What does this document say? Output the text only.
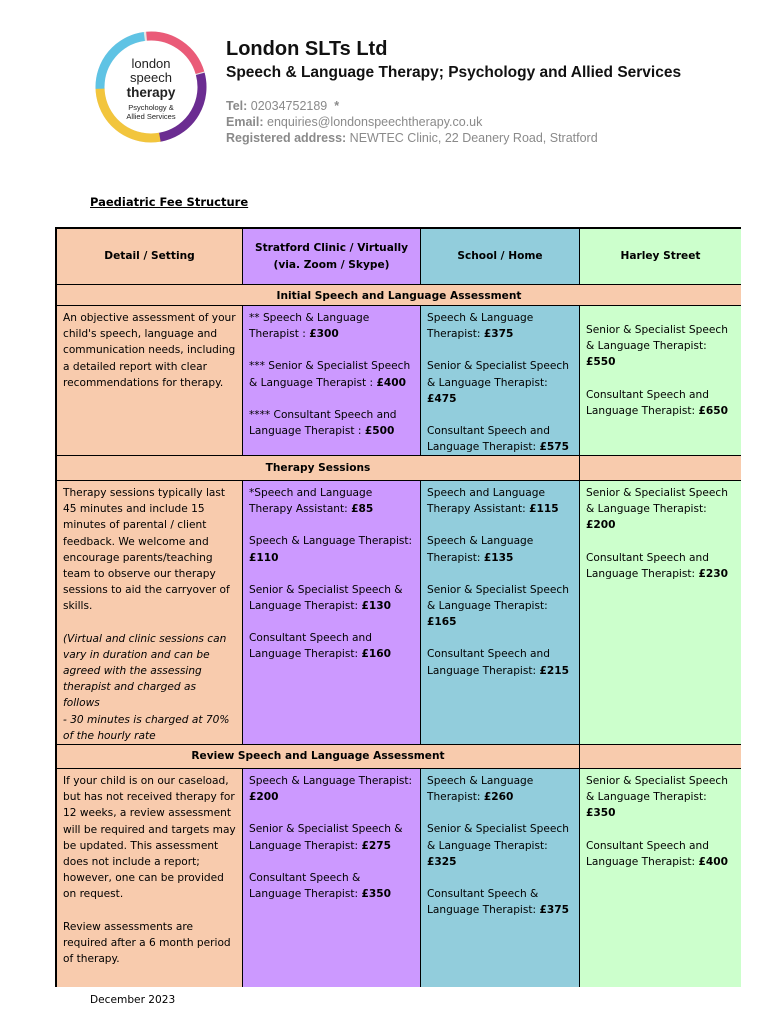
london
speech
therapy
Psychology &
Allied Services
London SLTs Ltd
Speech & Language Therapy; Psychology and Allied Services
Tel: 02034752189 *
Email: enquiries@londonspeechtherapy.co.uk
Registered address: NEWTEC Clinic, 22 Deanery Road, Stratford
Paediatric Fee Structure
Detail / Setting
Stratford Clinic / Virtually (via. Zoom / Skype)
School / Home	Harley Street
Initial Speech and Language Assessment

An objective assessment of your child's speech, language and communication needs, including a detailed report with clear recommendations for therapy.

** Speech & Language Therapist : £300

*** Senior & Specialist Speech & Language Therapist : £400

**** Consultant Speech and Language Therapist : £500

Speech & Language Therapist: £375

Senior & Specialist Speech & Language Therapist: £475

Consultant Speech and Language Therapist: £575

Senior & Specialist Speech & Language Therapist: £550

Consultant Speech and Language Therapist: £650

Therapy Sessions

Therapy sessions typically last 45 minutes and include 15 minutes of parental / client feedback. We welcome and encourage parents/teaching team to observe our therapy sessions to aid the carryover of skills.

(Virtual and clinic sessions can vary in duration and can be agreed with the assessing therapist and charged as follows

- 30 minutes is charged at 70% of the hourly rate

*Speech and Language Therapy Assistant: £85

Speech & Language Therapist: £110

Senior & Specialist Speech & Language Therapist: £130

Consultant Speech and Language Therapist: £160

Speech and Language Therapy Assistant: £115

Speech & Language Therapist: £135

Senior & Specialist Speech & Language Therapist: £165

Consultant Speech and Language Therapist: £215

Senior & Specialist Speech & Language Therapist: £200

Consultant Speech and Language Therapist: £230

Review Speech and Language Assessment

If your child is on our caseload, but has not received therapy for 12 weeks, a review assessment will be required and targets may be updated. This assessment does not include a report; however, one can be provided on request.

Review assessments are required after a 6 month period of therapy.

Speech & Language Therapist: £200

Senior & Specialist Speech & Language Therapist: £275

Consultant Speech & Language Therapist: £350

Speech & Language Therapist: £260

Senior & Specialist Speech & Language Therapist: £325

Consultant Speech & Language Therapist: £375

Senior & Specialist Speech & Language Therapist: £350

Consultant Speech and Language Therapist: £400

December 2023
